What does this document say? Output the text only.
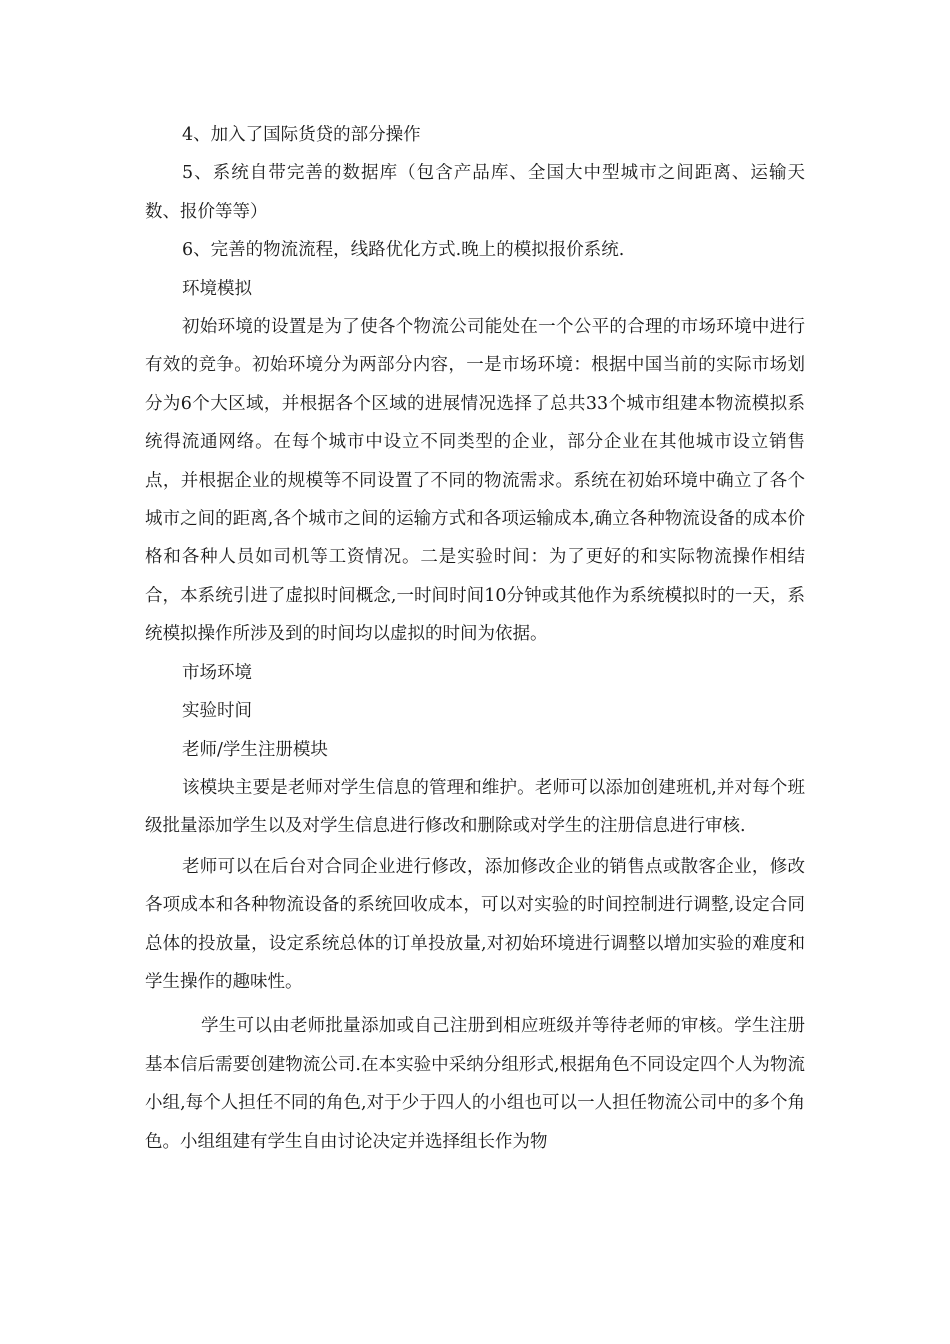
4、加入了国际货贷的部分操作

5、系统自带完善的数据库（包含产品库、全国大中型城市之间距离、运输天数、报价等等）

6、完善的物流流程，线路优化方式.晚上的模拟报价系统.

环境模拟

初始环境的设置是为了使各个物流公司能处在一个公平的合理的市场环境中进行有效的竞争。初始环境分为两部分内容，一是市场环境：根据中国当前的实际市场划分为6个大区域，并根据各个区域的进展情况选择了总共33个城市组建本物流模拟系统得流通网络。在每个城市中设立不同类型的企业，部分企业在其他城市设立销售点，并根据企业的规模等不同设置了不同的物流需求。系统在初始环境中确立了各个城市之间的距离,各个城市之间的运输方式和各项运输成本,确立各种物流设备的成本价格和各种人员如司机等工资情况。二是实验时间：为了更好的和实际物流操作相结合，本系统引进了虚拟时间概念,一时间时间10分钟或其他作为系统模拟时的一天，系统模拟操作所涉及到的时间均以虚拟的时间为依据。

市场环境

实验时间

老师/学生注册模块

该模块主要是老师对学生信息的管理和维护。老师可以添加创建班机,并对每个班级批量添加学生以及对学生信息进行修改和删除或对学生的注册信息进行审核.

老师可以在后台对合同企业进行修改，添加修改企业的销售点或散客企业，修改各项成本和各种物流设备的系统回收成本，可以对实验的时间控制进行调整,设定合同总体的投放量，设定系统总体的订单投放量,对初始环境进行调整以增加实验的难度和学生操作的趣味性。

学生可以由老师批量添加或自己注册到相应班级并等待老师的审核。学生注册基本信后需要创建物流公司.在本实验中采纳分组形式,根据角色不同设定四个人为物流小组,每个人担任不同的角色,对于少于四人的小组也可以一人担任物流公司中的多个角色。小组组建有学生自由讨论决定并选择组长作为物
